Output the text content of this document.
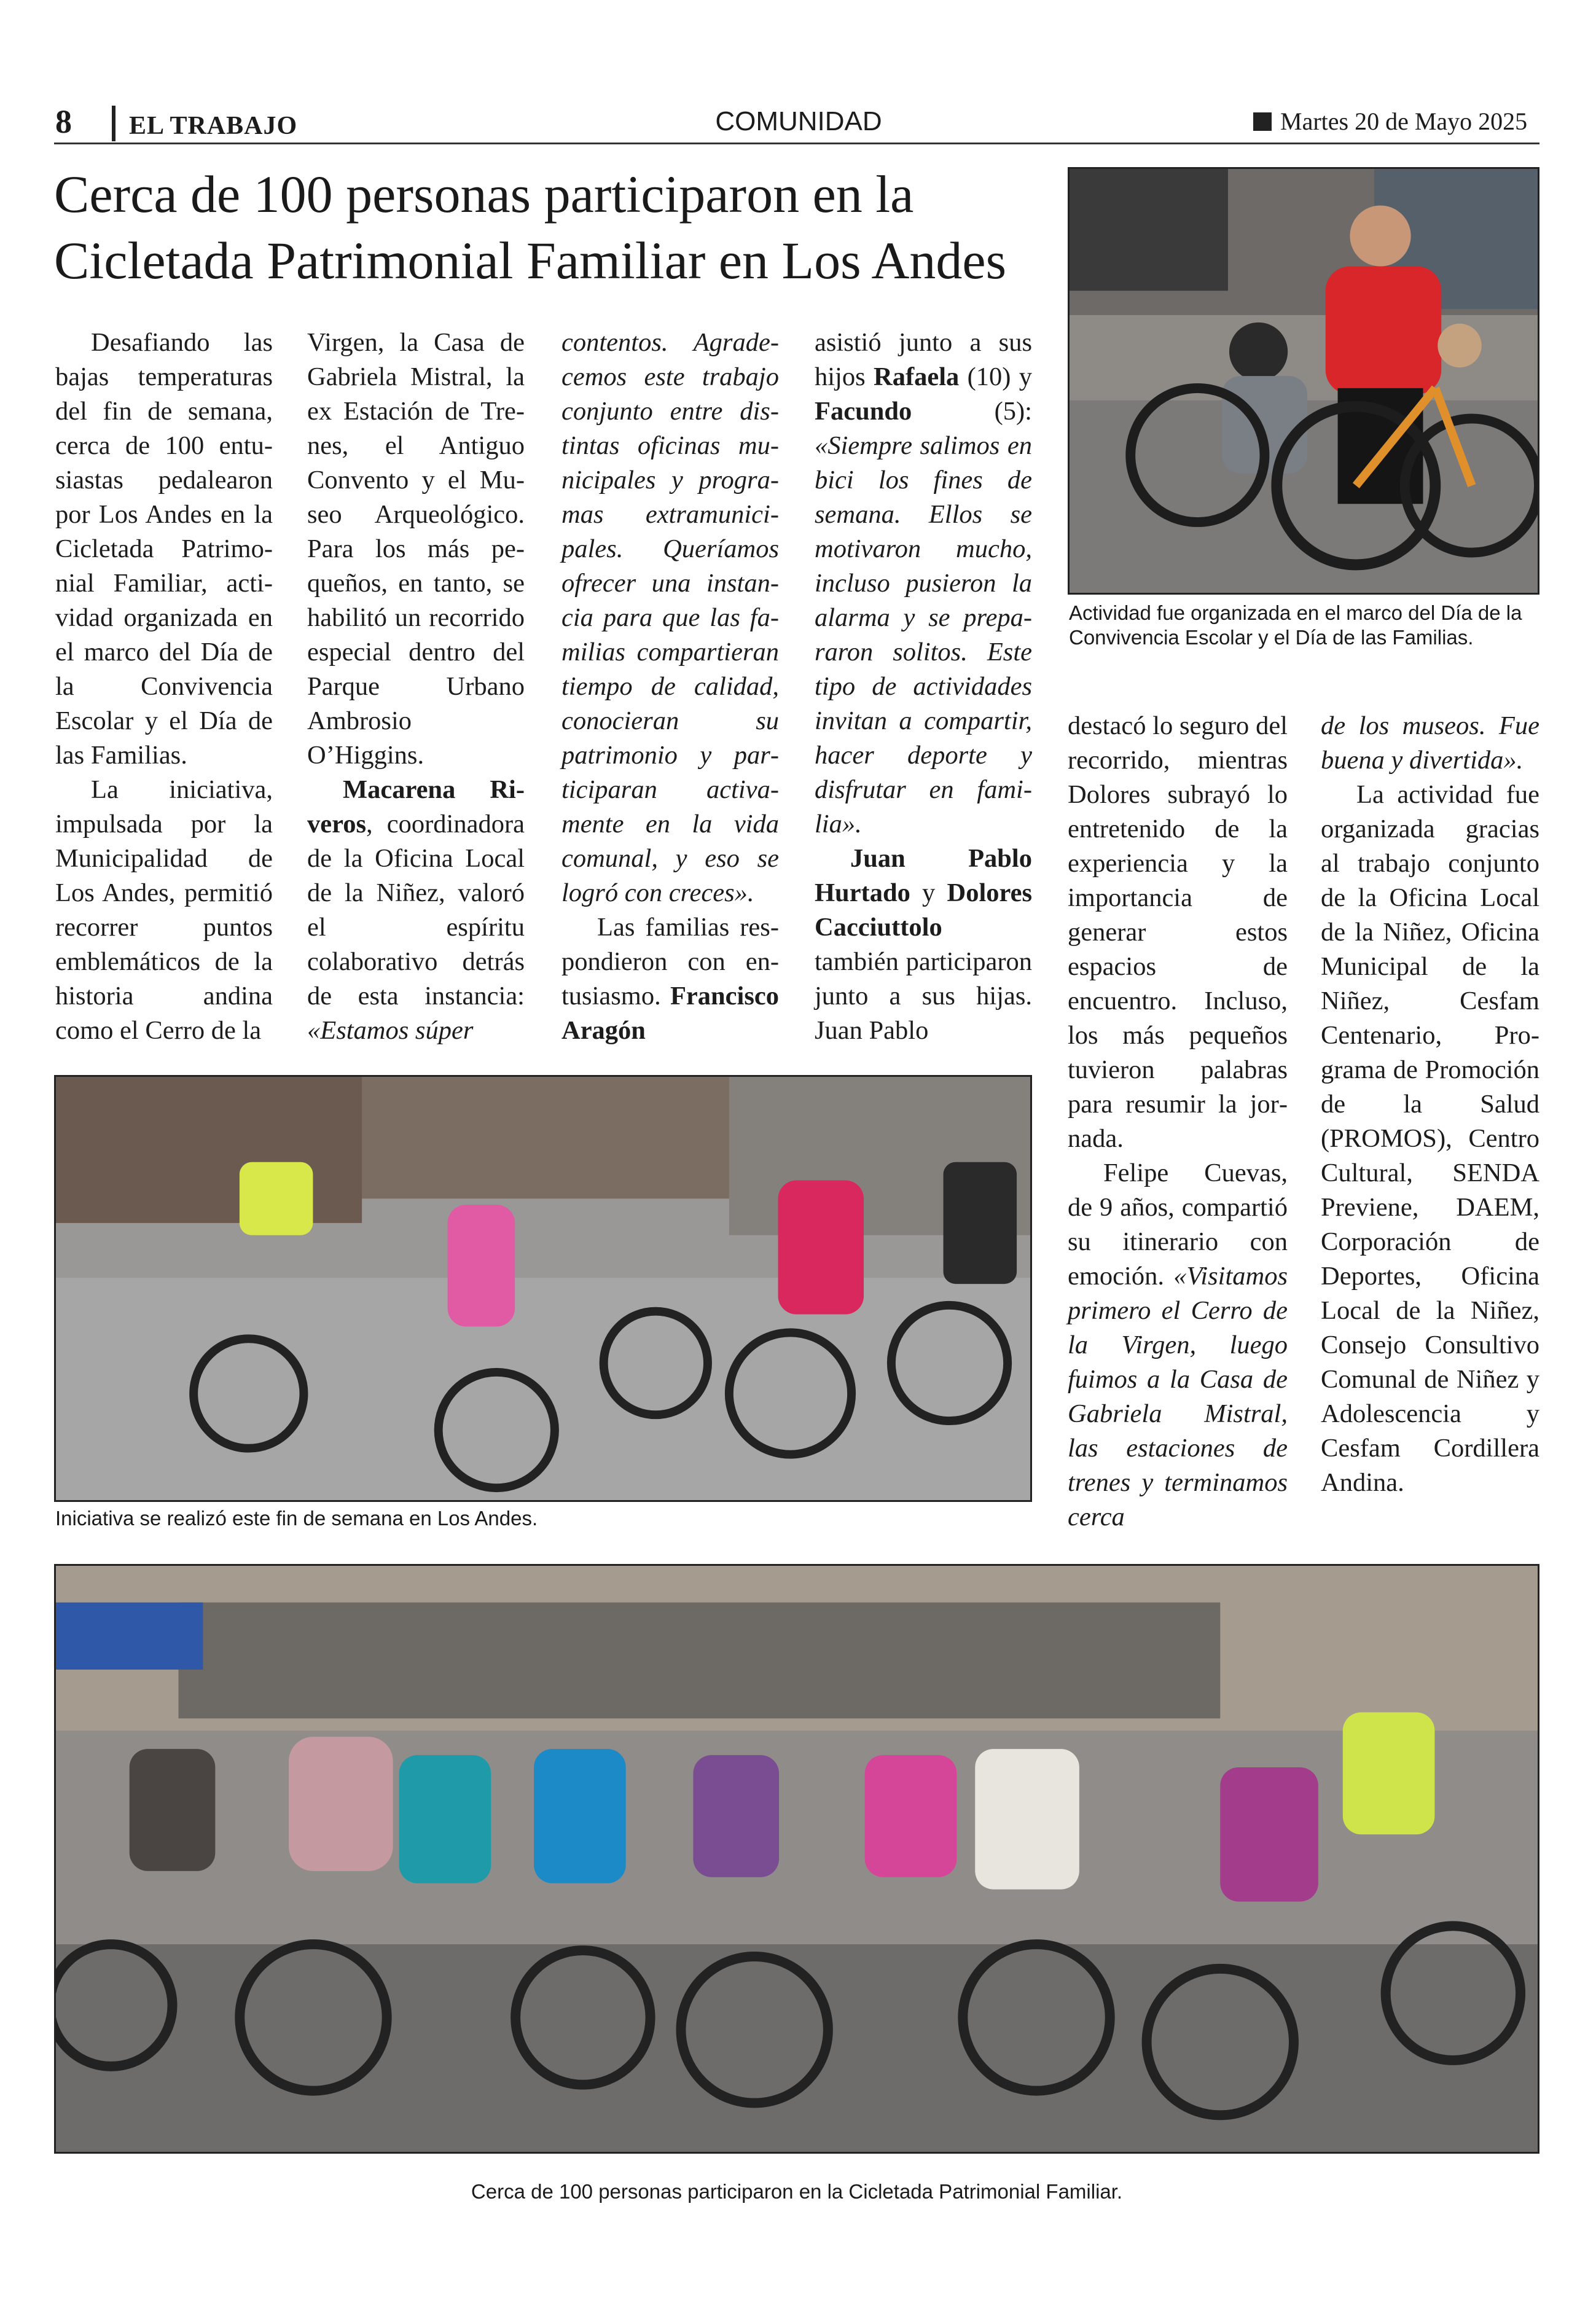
8 EL TRABAJO	COMUNIDAD	Martes 20 de Mayo 2025
Cerca de 100 personas participaron en la Cicletada Patrimonial Familiar en Los Andes

Desafiando las bajas temperaturas del fin de semana, cerca de 100 entusiastas pedalearon por Los Andes en la Cicletada Patrimonial Familiar, actividad organizada en el marco del Día de la Convivencia Escolar y el Día de las Familias.

La iniciativa, impulsada por la Municipalidad de Los Andes, permitió recorrer puntos emblemáticos de la historia andina como el Cerro de la

Virgen, la Casa de Gabriela Mistral, la ex Estación de Trenes, el Antiguo Convento y el Museo Arqueológico. Para los más pequeños, en tanto, se habilitó un recorrido especial dentro del Parque Urbano Ambrosio O’Higgins.

Macarena Riveros, coordinadora de la Oficina Local de la Niñez, valoró el espíritu colaborativo detrás de esta instancia: «Estamos súper

contentos. Agradecemos este trabajo conjunto entre distintas oficinas municipales y programas extramunicipales. Queríamos ofrecer una instancia para que las familias compartieran tiempo de calidad, conocieran su patrimonio y participaran activamente en la vida comunal, y eso se logró con creces».

Las familias respondieron con entusiasmo. Francisco Aragón

asistió junto a sus hijos Rafaela (10) y Facundo (5): «Siempre salimos en bici los fines de semana. Ellos se motivaron mucho, incluso pusieron la alarma y se prepararon solitos. Este tipo de actividades invitan a compartir, hacer deporte y disfrutar en familia».

Juan Pablo Hurtado y Dolores Cacciuttolo también participaron junto a sus hijas. Juan Pablo

destacó lo seguro del recorrido, mientras Dolores subrayó lo entretenido de la experiencia y la importancia de generar estos espacios de encuentro. Incluso, los más pequeños tuvieron palabras para resumir la jornada.

Felipe Cuevas, de 9 años, compartió su itinerario con emoción. «Visitamos primero el Cerro de la Virgen, luego fuimos a la Casa de Gabriela Mistral, las estaciones de trenes y terminamos cerca

de los museos. Fue buena y divertida».

La actividad fue organizada gracias al trabajo conjunto de la Oficina Local de la Niñez, Oficina Municipal de la Niñez, Cesfam Centenario, Programa de Promoción de la Salud (PROMOS), Centro Cultural, SENDA Previene, DAEM, Corporación de Deportes, Oficina Local de la Niñez, Consejo Consultivo Comunal de Niñez y Adolescencia y Cesfam Cordillera Andina.

Actividad fue organizada en el marco del Día de la Convivencia Escolar y el Día de las Familias.
Iniciativa se realizó este fin de semana en Los Andes.
Cerca de 100 personas participaron en la Cicletada Patrimonial Familiar.
